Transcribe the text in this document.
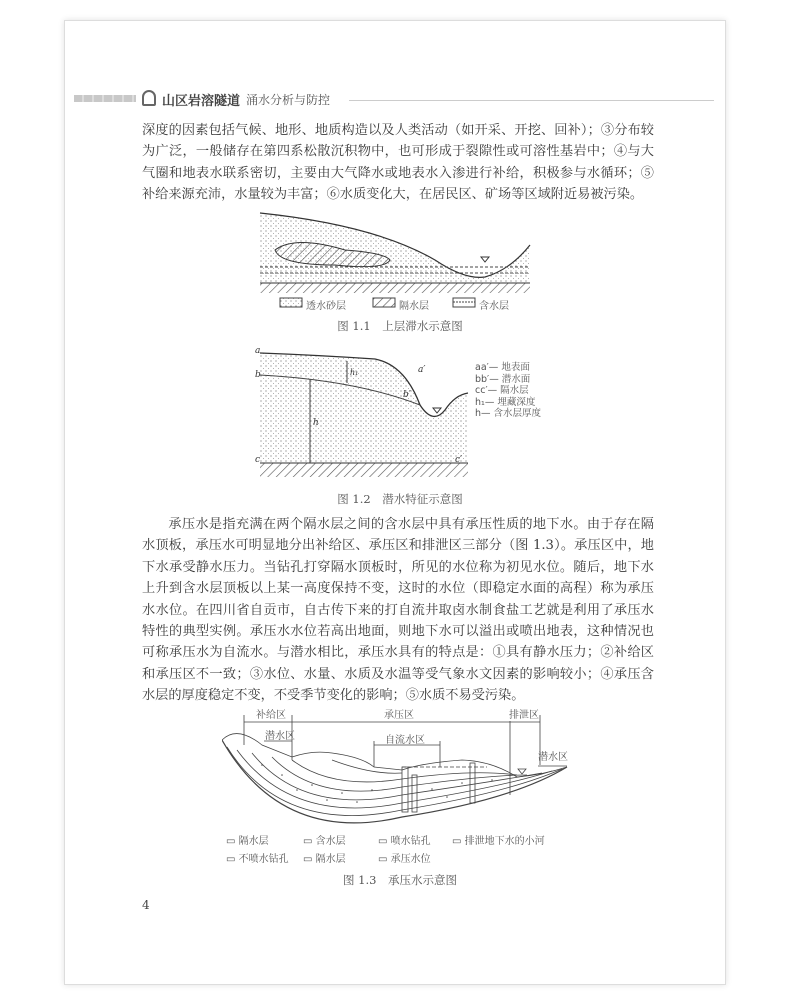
山区岩溶隧道 涌水分析与防控

深度的因素包括气候、地形、地质构造以及人类活动（如开采、开挖、回补）；③分布较为广泛，一般储存在第四系松散沉积物中，也可形成于裂隙性或可溶性基岩中；④与大气圈和地表水联系密切，主要由大气降水或地表水入渗进行补给，积极参与水循环；⑤补给来源充沛，水量较为丰富；⑥水质变化大，在居民区、矿场等区域附近易被污染。

透水砂层	隔水层	含水层
图 1.1　上层滞水示意图
a
a′
b
b′
c	c′
h₁
h
aa′— 地表面
bb′— 潜水面
cc′— 隔水层
h₁— 埋藏深度
h— 含水层厚度
图 1.2　潜水特征示意图

承压水是指充满在两个隔水层之间的含水层中具有承压性质的地下水。由于存在隔水顶板，承压水可明显地分出补给区、承压区和排泄区三部分（图 1.3）。承压区中，地下水承受静水压力。当钻孔打穿隔水顶板时，所见的水位称为初见水位。随后，地下水上升到含水层顶板以上某一高度保持不变，这时的水位（即稳定水面的高程）称为承压水水位。在四川省自贡市，自古传下来的打自流井取卤水制食盐工艺就是利用了承压水特性的典型实例。承压水水位若高出地面，则地下水可以溢出或喷出地表，这种情况也可称承压水为自流水。与潜水相比，承压水具有的特点是：①具有静水压力；②补给区和承压区不一致；③水位、水量、水质及水温等受气象水文因素的影响较小；④承压含水层的厚度稳定不变，不受季节变化的影响；⑤水质不易受污染。

补给区	承压区	排泄区
潜水区	自流水区
潜水区
▭ 隔水层	▭ 含水层	▭ 喷水钻孔 ▭ 排泄地下水的小河
▭ 不喷水钻孔 ▭ 隔水层	▭ 承压水位
图 1.3　承压水示意图
4
